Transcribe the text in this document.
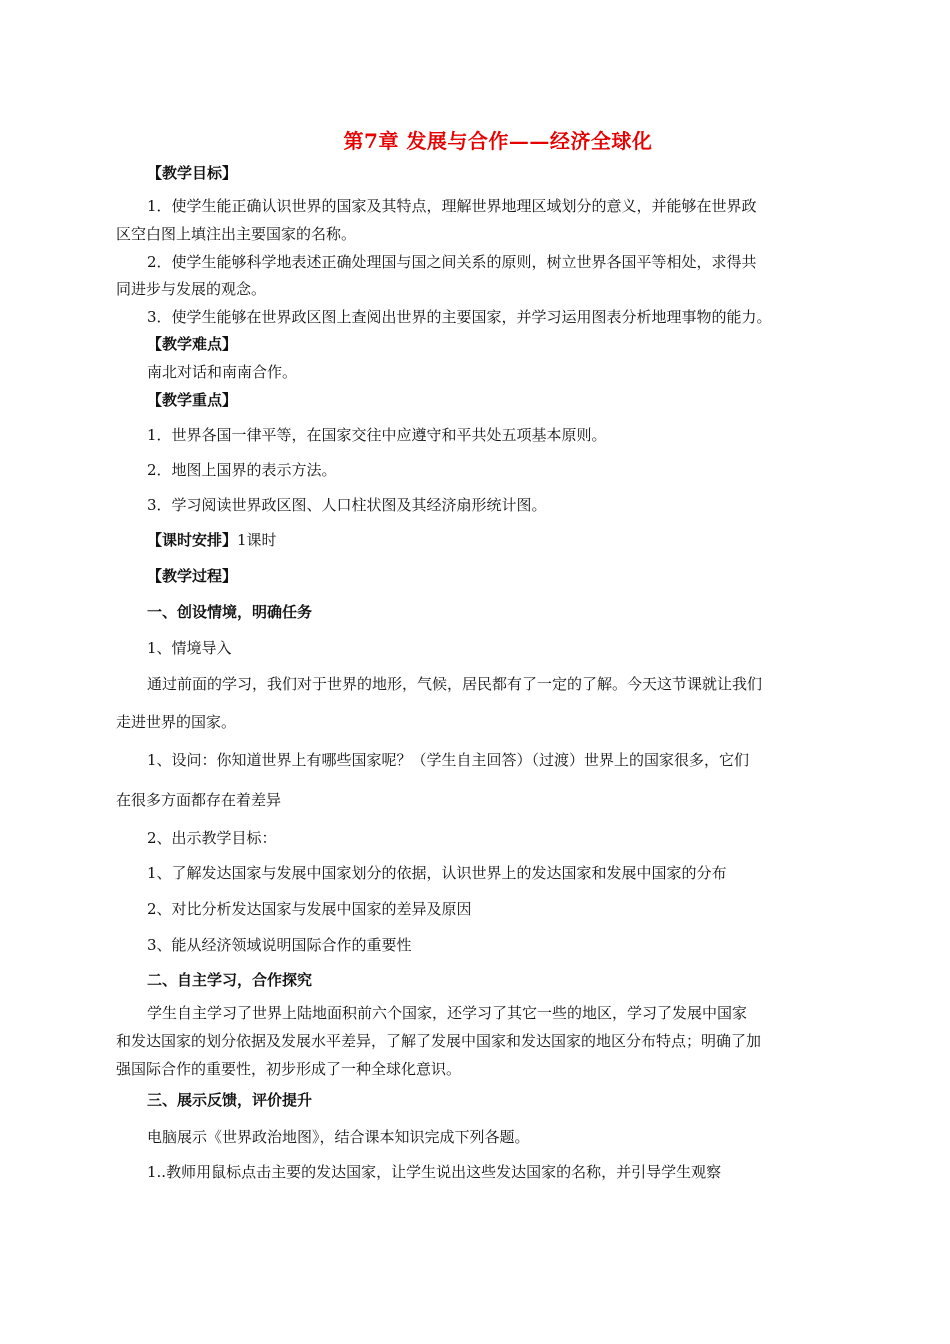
第7章 发展与合作——经济全球化
【教学目标】
1．使学生能正确认识世界的国家及其特点，理解世界地理区域划分的意义，并能够在世界政
区空白图上填注出主要国家的名称。
2．使学生能够科学地表述正确处理国与国之间关系的原则，树立世界各国平等相处，求得共
同进步与发展的观念。
3．使学生能够在世界政区图上查阅出世界的主要国家，并学习运用图表分析地理事物的能力。
【教学难点】
南北对话和南南合作。
【教学重点】
1．世界各国一律平等，在国家交往中应遵守和平共处五项基本原则。
2．地图上国界的表示方法。
3．学习阅读世界政区图、人口柱状图及其经济扇形统计图。
【课时安排】1课时
【教学过程】
一、创设情境，明确任务
1、情境导入
通过前面的学习，我们对于世界的地形，气候，居民都有了一定的了解。今天这节课就让我们
走进世界的国家。
1、设问：你知道世界上有哪些国家呢？（学生自主回答）（过渡）世界上的国家很多，它们
在很多方面都存在着差异
2、出示教学目标：
1、了解发达国家与发展中国家划分的依据，认识世界上的发达国家和发展中国家的分布
2、对比分析发达国家与发展中国家的差异及原因
3、能从经济领域说明国际合作的重要性
二、自主学习，合作探究
学生自主学习了世界上陆地面积前六个国家，还学习了其它一些的地区，学习了发展中国家
和发达国家的划分依据及发展水平差异，了解了发展中国家和发达国家的地区分布特点；明确了加
强国际合作的重要性，初步形成了一种全球化意识。
三、展示反馈，评价提升
电脑展示《世界政治地图》，结合课本知识完成下列各题。
1..教师用鼠标点击主要的发达国家，让学生说出这些发达国家的名称，并引导学生观察
